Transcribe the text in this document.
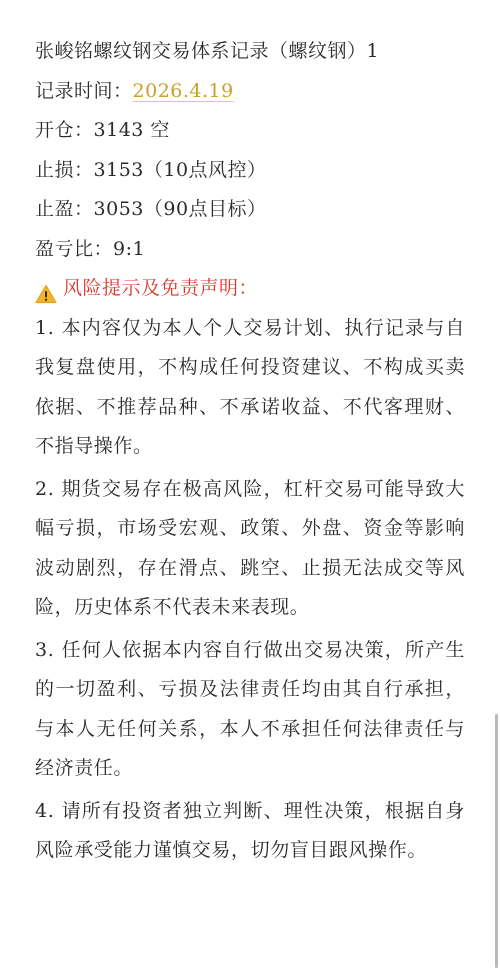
张峻铭螺纹钢交易体系记录（螺纹钢）1
记录时间：2026.4.19
开仓：3143 空
止损：3153（10点风控）
止盈：3053（90点目标）
盈亏比：9:1
风险提示及免责声明：

1. 本内容仅为本人个人交易计划、执行记录与自我复盘使用，不构成任何投资建议、不构成买卖依据、不推荐品种、不承诺收益、不代客理财、不指导操作。

2. 期货交易存在极高风险，杠杆交易可能导致大幅亏损，市场受宏观、政策、外盘、资金等影响波动剧烈，存在滑点、跳空、止损无法成交等风险，历史体系不代表未来表现。

3. 任何人依据本内容自行做出交易决策，所产生的一切盈利、亏损及法律责任均由其自行承担，与本人无任何关系，本人不承担任何法律责任与经济责任。

4. 请所有投资者独立判断、理性决策，根据自身风险承受能力谨慎交易，切勿盲目跟风操作。
